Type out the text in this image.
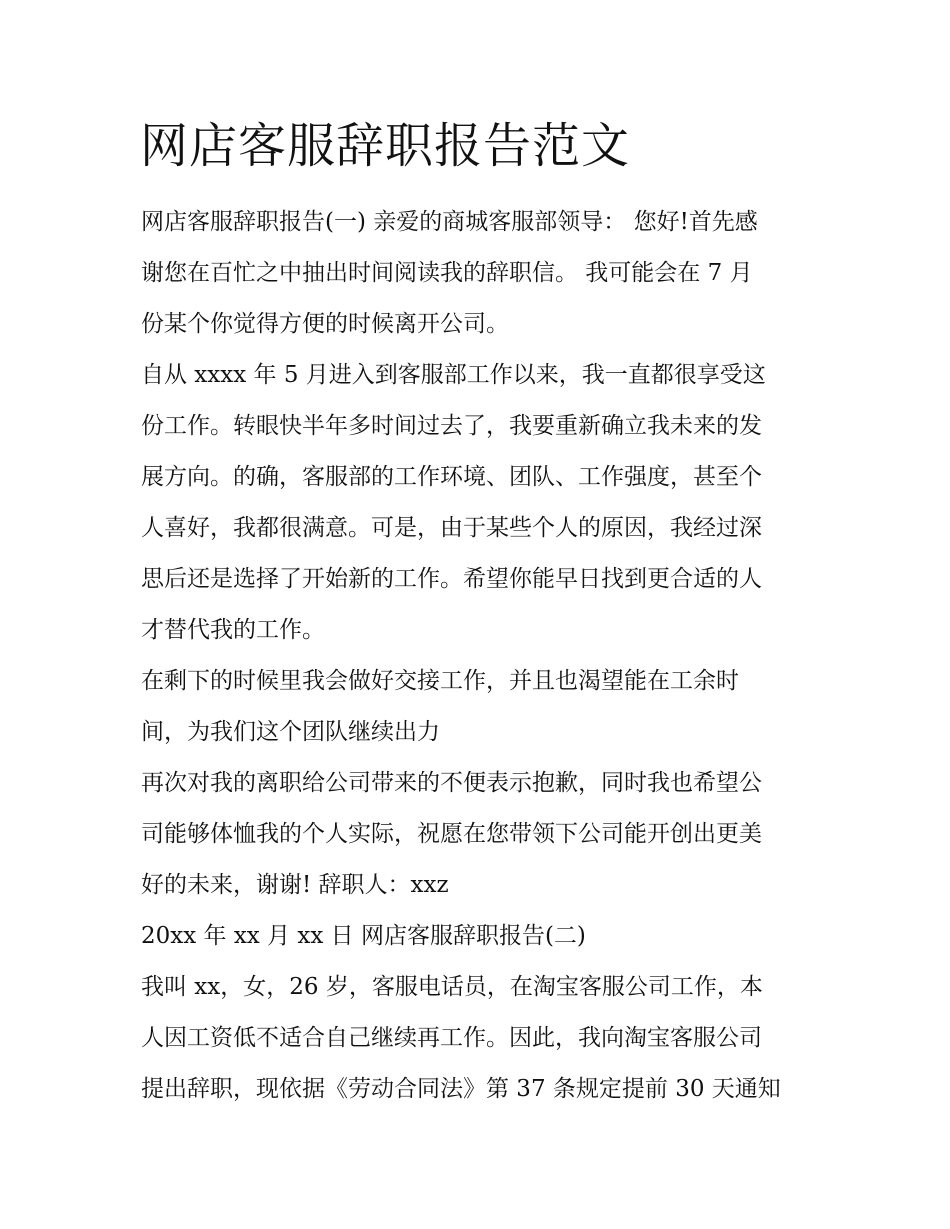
网店客服辞职报告范文
网店客服辞职报告(一) 亲爱的商城客服部领导： 您好!首先感
谢您在百忙之中抽出时间阅读我的辞职信。 我可能会在 7 月
份某个你觉得方便的时候离开公司。
自从 xxxx 年 5 月进入到客服部工作以来，我一直都很享受这
份工作。转眼快半年多时间过去了，我要重新确立我未来的发
展方向。的确，客服部的工作环境、团队、工作强度，甚至个
人喜好，我都很满意。可是，由于某些个人的原因，我经过深
思后还是选择了开始新的工作。希望你能早日找到更合适的人
才替代我的工作。
在剩下的时候里我会做好交接工作，并且也渴望能在工余时
间，为我们这个团队继续出力
再次对我的离职给公司带来的不便表示抱歉，同时我也希望公
司能够体恤我的个人实际，祝愿在您带领下公司能开创出更美
好的未来，谢谢! 辞职人：xxz
20xx 年 xx 月 xx 日 网店客服辞职报告(二)
我叫 xx，女，26 岁，客服电话员，在淘宝客服公司工作，本
人因工资低不适合自己继续再工作。因此，我向淘宝客服公司
提出辞职，现依据《劳动合同法》第 37 条规定提前 30 天通知
